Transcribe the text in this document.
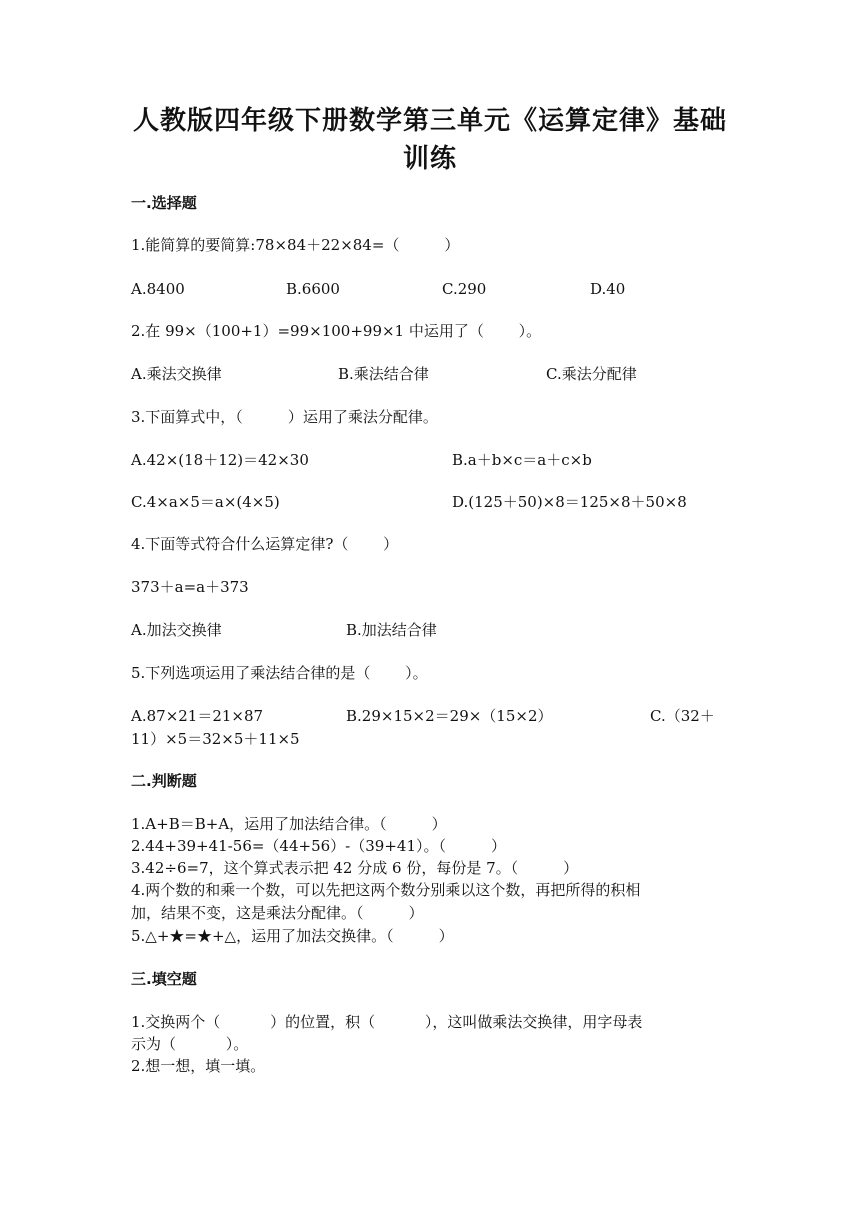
人教版四年级下册数学第三单元《运算定律》基础训练
一.选择题
1.能简算的要简算:78×84＋22×84=（　　　）
A.8400	B.6600	C.290	D.40
2.在 99×（100+1）=99×100+99×1 中运用了（　　 ）。
A.乘法交换律	B.乘法结合律	C.乘法分配律
3.下面算式中，（　　　）运用了乘法分配律。
A.42×(18＋12)＝42×30	B.a＋b×c＝a＋c×b
C.4×a×5＝a×(4×5)	D.(125＋50)×8＝125×8＋50×8
4.下面等式符合什么运算定律?（　　 ）
373＋a=a＋373
A.加法交换律	B.加法结合律
5.下列选项运用了乘法结合律的是（　　 ）。
A.87×21＝21×87	B.29×15×2＝29×（15×2）	C.（32＋
11）×5＝32×5＋11×5
二.判断题
1.A+B＝B+A，运用了加法结合律。（　　　）
2.44+39+41-56=（44+56）-（39+41）。（　　　）
3.42÷6=7，这个算式表示把 42 分成 6 份，每份是 7。（　　　）
4.两个数的和乘一个数，可以先把这两个数分别乘以这个数，再把所得的积相
加，结果不变，这是乘法分配律。（　　　）
5.△+★=★+△，运用了加法交换律。（　　　）
三.填空题
1.交换两个（　　　 ）的位置，积（　　　 ），这叫做乘法交换律，用字母表
示为（　　　 ）。
2.想一想，填一填。
